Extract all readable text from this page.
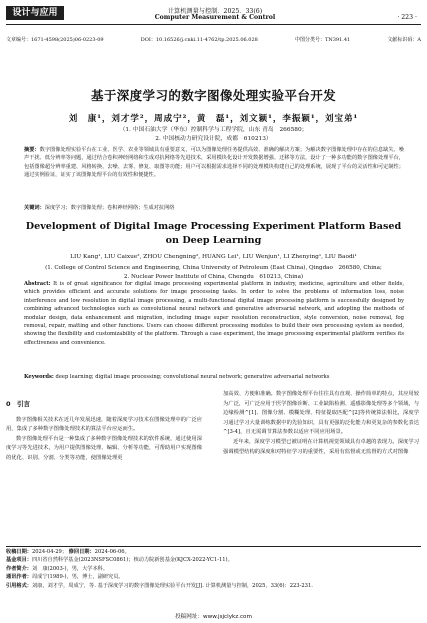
设计与应用	计算机测量与控制．2025．33(6)
Computer Measurement & Control	· 223 ·
文章编号：1671-4598(2025)06-0223-09	DOI：10.16526/j.cnki.11-4762/tp.2025.06.028	中图分类号：TN391.41	文献标识码：A
基于深度学习的数字图像处理实验平台开发
刘　康¹，刘才学²，周成宁²，黄　磊¹，刘文颖¹，李振颖¹，刘宝弟¹
（1. 中国石油大学（华东）控制科学与工程学院，山东 青岛　266580；
2. 中国核动力研究设计院，成都　610213）
摘要：数字图像处理实验平台在工业、医学、农业等领域具有重要意义，可以为图像处理任务提供高效、准确的解决方案；为解决数字图像处理中存在的信息缺失、噪声干扰、低分辨率等问题，通过结合卷积神经网络和生成对抗网络等先进技术，采用模块化设计开发数据增强、迁移等方法，设计了一种多功能的数字图像处理平台，包括图像超分辨率重建、风格转换、去噪、去雾、修复、取图等功能；用户可以根据需求选择不同的处理模块构建自己的处理系统，展现了平台的灵活性和可定制性；通过实例验证，证实了该图像处理平台的有效性和便捷性。
关键词：深度学习；数字图像处理；卷积神经网络；生成对抗网络
Development of Digital Image Processing Experiment Platform Based on Deep Learning
LIU Kang¹, LIU Caixue², ZHOU Chengning², HUANG Lei¹, LIU Wenjun¹, LI Zhenying¹, LIU Baodi¹
(1. College of Control Science and Engineering, China University of Petroleum (East China), Qingdao　266580, China;
2. Nuclear Power Institute of China, Chengdu　610213, China)
Abstract: It is of great significance for digital image processing experimental platform in industry, medicine, agriculture and other fields, which provides efficient and accurate solutions for image processing tasks. In order to solve the problems of information loss, noise interference and low resolution in digital image processing, a multi-functional digital image processing platform is successfully designed by combining advanced technologies such as convolutional neural network and generative adversarial network, and adopting the methods of modular design, data enhancement and migration, including image super resolution reconstruction, style conversion, noise removal, fog removal, repair, matting and other functions. Users can choose different processing modules to build their own processing system as needed, showing the flexibility and customizability of the platform. Through a case experiment, the image processing experimental platform verifies its effectiveness and convenience.
Keywords: deep learning; digital image processing; convolutional neural network; generative adversarial networks
0　引言

数字图像相关技术在近几年发展迅速，随着深度学习技术在图像处理中的广泛应用，集成了多种数字图像处理技术的算法平台应运而生。

数字图像处理平台是一种集成了多种数字图像处理技术的软件系统，通过使用深度学习等先进技术，为用户提供图像处理、编辑、分析等功能，可帮助用户实现图像的优化、识别、分割、分类等功能，使图像处理更

加高效、方便和准确。数字图像处理平台往往具有直观、操作简单的特点，其应用较为广泛，可广泛应用于医学图像诊断、工业缺陷检测、遥感影像处理等多个领域，与边缘检测^[1]、图像分割、模糊处理、特征提取匹配^[2]等传统算法相比，深度学习通过学习大量训练数据中的先验知识，具有更强的泛化能力和更复杂的参数化表达^[3-4]，且无需调节算法参数以适应不同应用场景。

近年来，深度学习模型已被证明在计算机视觉领域具有卓越的表现力。深度学习强调模型结构的深度和对特征学习的重要性，采用有监督或无监督的方式对图像

收稿日期：2024-04-29； 修回日期：2024-06-06。
基金项目：四川省自然科学基金(2023NSFSC0861)；核动力院新创基金(KJCX-2022-YC1-11)。
作者简介：刘　康(2003-)，男，大学本科。
通讯作者：周成宁(1989-)，男，博士，副研究员。
引用格式：刘康，刘才学，周成宁，等. 基于深度学习的数字图像处理实验平台开发[J]. 计算机测量与控制，2025，33(6)：223-231.
投稿网址：www.jsjclykz.com
